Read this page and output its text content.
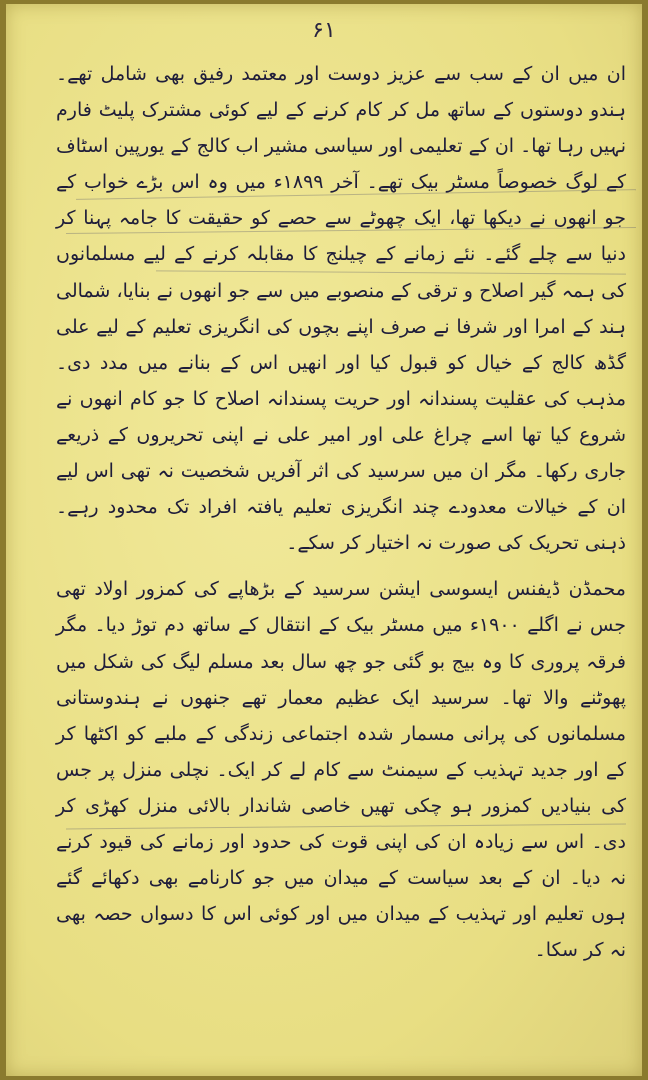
۶۱

ان میں ان کے سب سے عزیز دوست اور معتمد رفیق بھی شامل تھے۔ ہندو دوستوں کے ساتھ مل کر کام کرنے کے لیے کوئی مشترک پلیٹ فارم نہیں رہا تھا۔ ان کے تعلیمی اور سیاسی مشیر اب کالج کے یورپین اسٹاف کے لوگ خصوصاً مسٹر بیک تھے۔ آخر ۱۸۹۹ء میں وہ اس بڑے خواب کے جو انھوں نے دیکھا تھا، ایک چھوٹے سے حصے کو حقیقت کا جامہ پہنا کر دنیا سے چلے گئے۔ نئے زمانے کے چیلنج کا مقابلہ کرنے کے لیے مسلمانوں کی ہمہ گیر اصلاح و ترقی کے منصوبے میں سے جو انھوں نے بنایا، شمالی ہند کے امرا اور شرفا نے صرف اپنے بچوں کی انگریزی تعلیم کے لیے علی گڈھ کالج کے خیال کو قبول کیا اور انھیں اس کے بنانے میں مدد دی۔ مذہب کی عقلیت پسندانہ اور حریت پسندانہ اصلاح کا جو کام انھوں نے شروع کیا تھا اسے چراغ علی اور امیر علی نے اپنی تحریروں کے ذریعے جاری رکھا۔ مگر ان میں سرسید کی اثر آفریں شخصیت نہ تھی اس لیے ان کے خیالات معدودے چند انگریزی تعلیم یافتہ افراد تک محدود رہے۔ ذہنی تحریک کی صورت نہ اختیار کر سکے۔

محمڈن ڈیفنس ایسوسی ایشن سرسید کے بڑھاپے کی کمزور اولاد تھی جس نے اگلے ۱۹۰۰ء میں مسٹر بیک کے انتقال کے ساتھ دم توڑ دیا۔ مگر فرقہ پروری کا وہ بیج بو گئی جو چھ سال بعد مسلم لیگ کی شکل میں پھوٹنے والا تھا۔ سرسید ایک عظیم معمار تھے جنھوں نے ہندوستانی مسلمانوں کی پرانی مسمار شدہ اجتماعی زندگی کے ملبے کو اکٹھا کر کے اور جدید تہذیب کے سیمنٹ سے کام لے کر ایک۔ نچلی منزل پر جس کی بنیادیں کمزور ہو چکی تھیں خاصی شاندار بالائی منزل کھڑی کر دی۔ اس سے زیادہ ان کی اپنی قوت کی حدود اور زمانے کی قیود کرنے نہ دیا۔ ان کے بعد سیاست کے میدان میں جو کارنامے بھی دکھائے گئے ہوں تعلیم اور تہذیب کے میدان میں اور کوئی اس کا دسواں حصہ بھی نہ کر سکا۔
